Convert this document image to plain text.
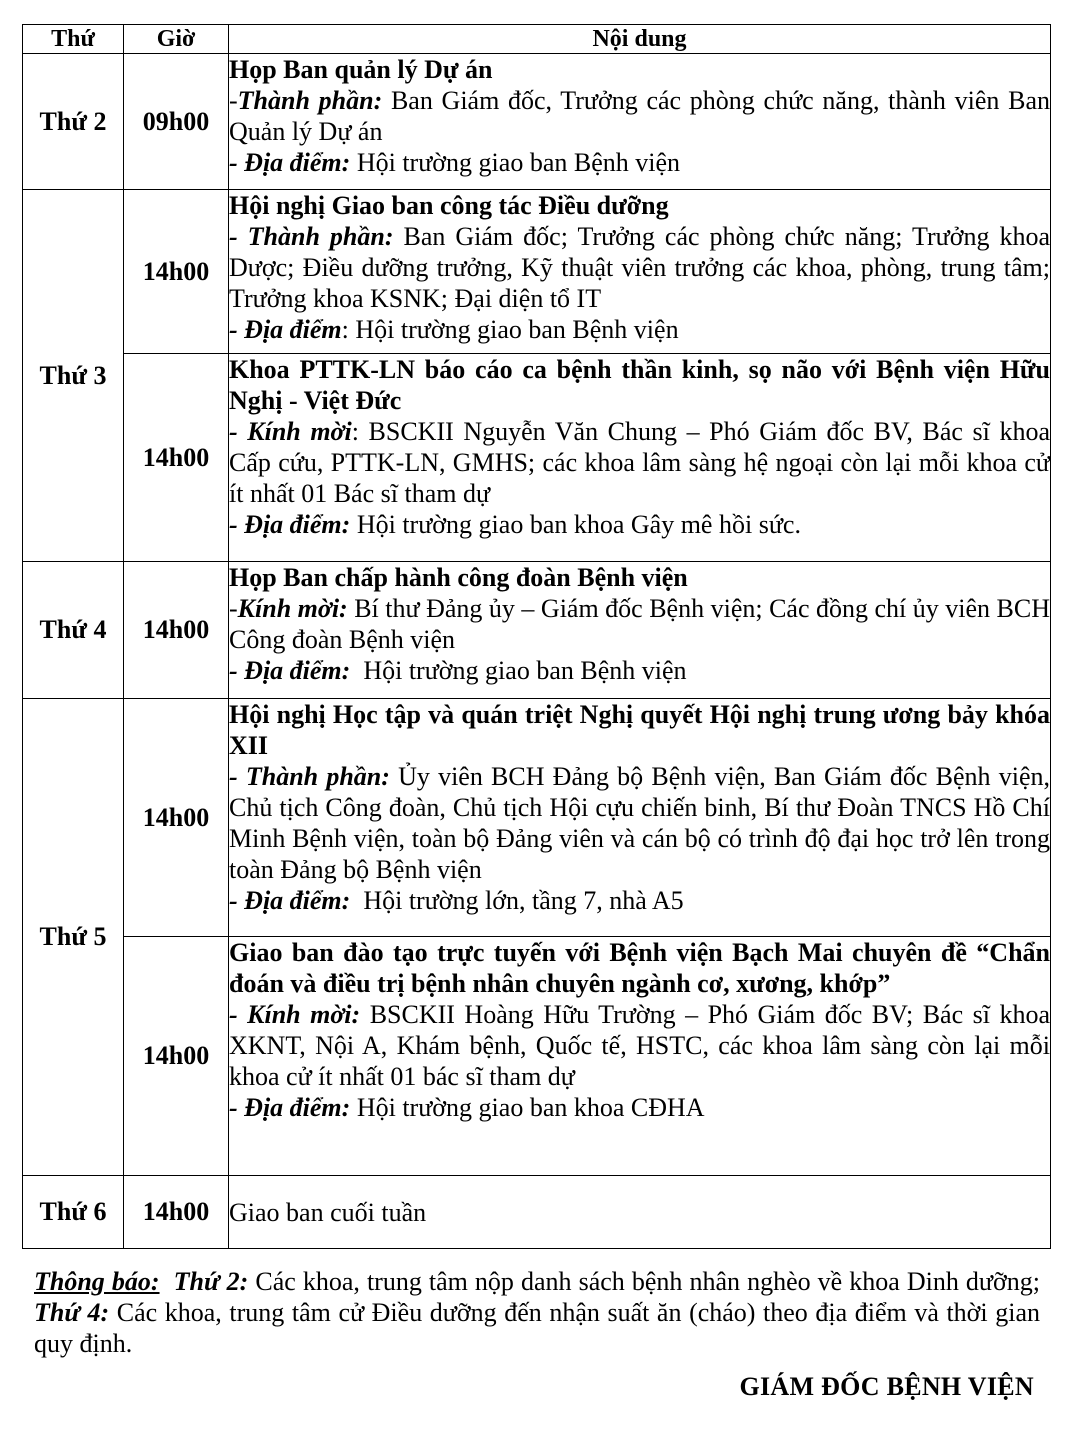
Thứ	Giờ	Nội dung
Thứ 2	09h00	Họp Ban quản lý Dự án
-Thành phần: Ban Giám đốc, Trưởng các phòng chức năng, thành viên Ban Quản lý Dự án
- Địa điểm: Hội trường giao ban Bệnh viện

Thứ 3	14h00	Hội nghị Giao ban công tác Điều dưỡng
- Thành phần: Ban Giám đốc; Trưởng các phòng chức năng; Trưởng khoa Dược; Điều dưỡng trưởng, Kỹ thuật viên trưởng các khoa, phòng, trung tâm; Trưởng khoa KSNK; Đại diện tổ IT
- Địa điểm: Hội trường giao ban Bệnh viện

	14h00	Khoa PTTK-LN báo cáo ca bệnh thần kinh, sọ não với Bệnh viện Hữu Nghị - Việt Đức
- Kính mời: BSCKII Nguyễn Văn Chung – Phó Giám đốc BV, Bác sĩ khoa Cấp cứu, PTTK-LN, GMHS; các khoa lâm sàng hệ ngoại còn lại mỗi khoa cử ít nhất 01 Bác sĩ tham dự
- Địa điểm: Hội trường giao ban khoa Gây mê hồi sức.

Thứ 4	14h00	Họp Ban chấp hành công đoàn Bệnh viện
-Kính mời: Bí thư Đảng ủy – Giám đốc Bệnh viện; Các đồng chí ủy viên BCH Công đoàn Bệnh viện
- Địa điểm:  Hội trường giao ban Bệnh viện

Thứ 5	14h00	Hội nghị Học tập và quán triệt Nghị quyết Hội nghị trung ương bảy khóa XII
- Thành phần: Ủy viên BCH Đảng bộ Bệnh viện, Ban Giám đốc Bệnh viện, Chủ tịch Công đoàn, Chủ tịch Hội cựu chiến binh, Bí thư Đoàn TNCS Hồ Chí Minh Bệnh viện, toàn bộ Đảng viên và cán bộ có trình độ đại học trở lên trong toàn Đảng bộ Bệnh viện
- Địa điểm:  Hội trường lớn, tầng 7, nhà A5

	14h00	Giao ban đào tạo trực tuyến với Bệnh viện Bạch Mai chuyên đề “Chẩn đoán và điều trị bệnh nhân chuyên ngành cơ, xương, khớp”
- Kính mời: BSCKII Hoàng Hữu Trường – Phó Giám đốc BV; Bác sĩ khoa XKNT, Nội A, Khám bệnh, Quốc tế, HSTC, các khoa lâm sàng còn lại mỗi khoa cử ít nhất 01 bác sĩ tham dự
- Địa điểm: Hội trường giao ban khoa CĐHA

Thứ 6	14h00	Giao ban cuối tuần
Thông báo: Thứ 2: Các khoa, trung tâm nộp danh sách bệnh nhân nghèo về khoa Dinh dưỡng; Thứ 4: Các khoa, trung tâm cử Điều dưỡng đến nhận suất ăn (cháo) theo địa điểm và thời gian quy định.
GIÁM ĐỐC BỆNH VIỆN
